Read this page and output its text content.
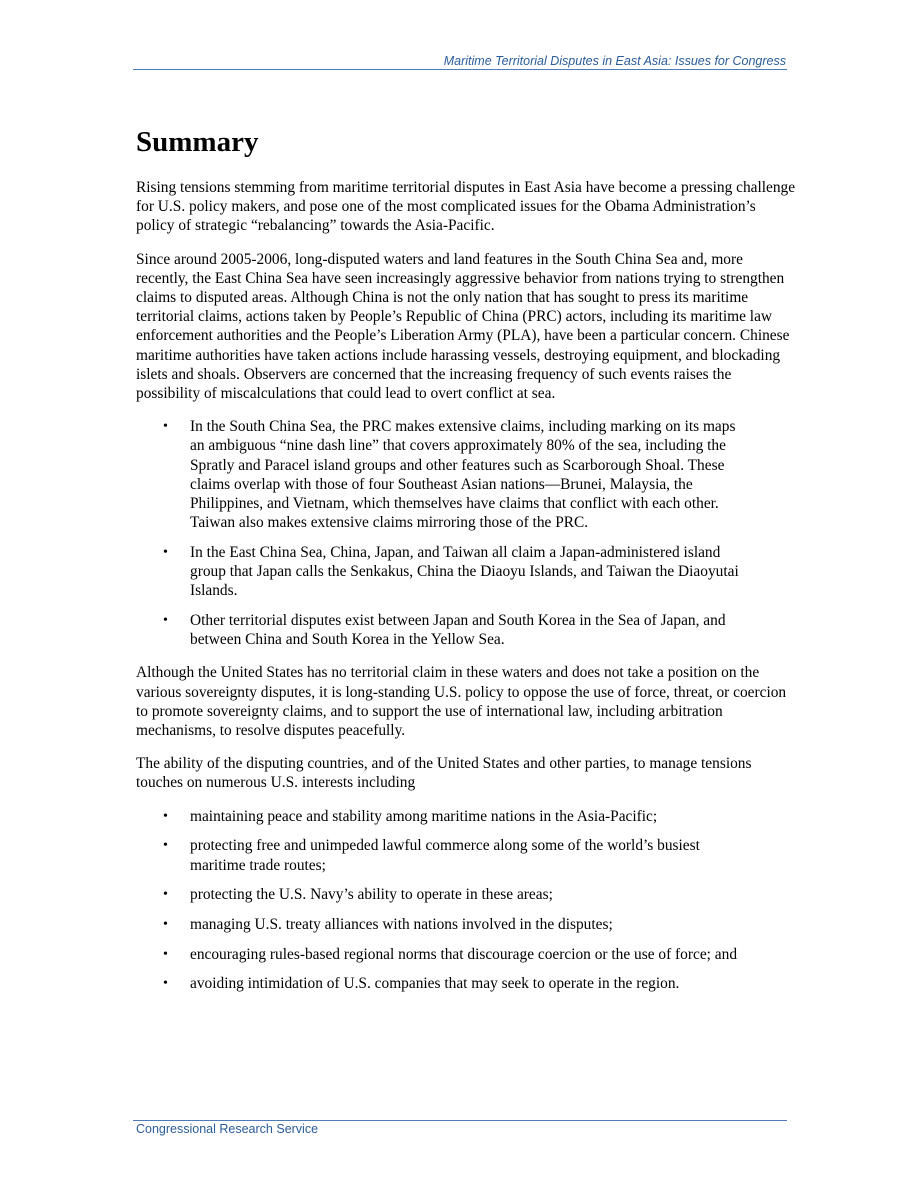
Maritime Territorial Disputes in East Asia: Issues for Congress
Summary

Rising tensions stemming from maritime territorial disputes in East Asia have become a pressing challenge for U.S. policy makers, and pose one of the most complicated issues for the Obama Administration’s policy of strategic “rebalancing” towards the Asia-Pacific.

Since around 2005-2006, long-disputed waters and land features in the South China Sea and, more recently, the East China Sea have seen increasingly aggressive behavior from nations trying to strengthen claims to disputed areas. Although China is not the only nation that has sought to press its maritime territorial claims, actions taken by People’s Republic of China (PRC) actors, including its maritime law enforcement authorities and the People’s Liberation Army (PLA), have been a particular concern. Chinese maritime authorities have taken actions include harassing vessels, destroying equipment, and blockading islets and shoals. Observers are concerned that the increasing frequency of such events raises the possibility of miscalculations that could lead to overt conflict at sea.

• In the South China Sea, the PRC makes extensive claims, including marking on its maps an ambiguous “nine dash line” that covers approximately 80% of the sea, including the Spratly and Paracel island groups and other features such as Scarborough Shoal. These claims overlap with those of four Southeast Asian nations—Brunei, Malaysia, the Philippines, and Vietnam, which themselves have claims that conflict with each other. Taiwan also makes extensive claims mirroring those of the PRC.
• In the East China Sea, China, Japan, and Taiwan all claim a Japan-administered island group that Japan calls the Senkakus, China the Diaoyu Islands, and Taiwan the Diaoyutai Islands.
• Other territorial disputes exist between Japan and South Korea in the Sea of Japan, and between China and South Korea in the Yellow Sea.

Although the United States has no territorial claim in these waters and does not take a position on the various sovereignty disputes, it is long-standing U.S. policy to oppose the use of force, threat, or coercion to promote sovereignty claims, and to support the use of international law, including arbitration mechanisms, to resolve disputes peacefully.

The ability of the disputing countries, and of the United States and other parties, to manage tensions touches on numerous U.S. interests including

• maintaining peace and stability among maritime nations in the Asia-Pacific;
• protecting free and unimpeded lawful commerce along some of the world’s busiest maritime trade routes;
• protecting the U.S. Navy’s ability to operate in these areas;
• managing U.S. treaty alliances with nations involved in the disputes;
• encouraging rules-based regional norms that discourage coercion or the use of force; and
• avoiding intimidation of U.S. companies that may seek to operate in the region.
Congressional Research Service
